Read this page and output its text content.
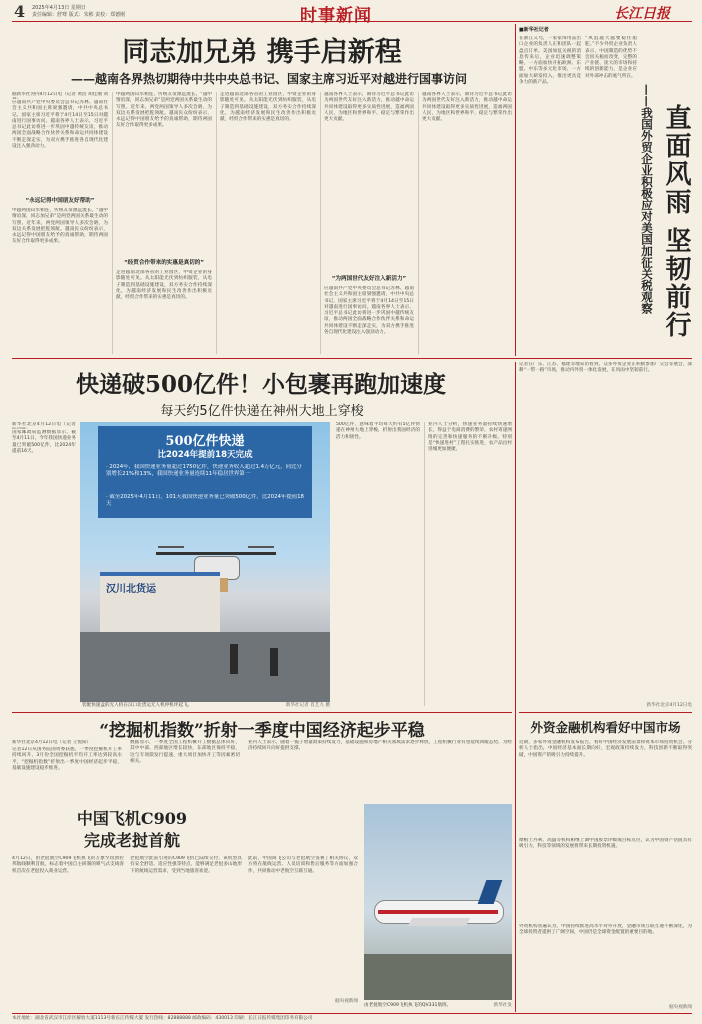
4 2025年4月13日 星期日
责任编辑：舒骞 版式：朱彬 责校：郑德刚	时事新闻	长江日报
同志加兄弟 携手启新程
——越南各界热切期待中共中央总书记、国家主席习近平对越进行国事访问
据新华社河内4月12日电（记者 黄浩 胡佳丽 刘
应越南共产党中央委员会总书记苏林、越南社会主义共和国主席梁强邀请，中共中央总书记、国家主席习近平将于4月14日至15日对越南进行国事访问。越南各界人士表示，习近平总书记此访将进一步巩固中越传统友谊，推动两国全面战略合作伙伴关系和命运共同体建设不断走深走实，为双方携手推进各自现代化建设注入强劲动力。
“永远记得中国朋友好帮助”
中越两国山水相连，传统友谊源远流长。“越中情谊深，同志加兄弟”是两党两国关系最生动的写照。近年来，两党两国领导人多次会晤，为双边关系发展把舵领航。越南民众纷纷表示，永远记得中国朋友给予的真诚帮助，期待两国友好合作取得更多成果。
中越两国山水相连，传统友谊源远流长。“越中情谊深，同志加兄弟”是两党两国关系最生动的写照。近年来，两党两国领导人多次会晤，为双边关系发展把舵领航。越南民众纷纷表示，永远记得中国朋友给予的真诚帮助，期待两国友好合作取得更多成果。
“经贸合作带来的实惠是真切的”
走进越南北部各省的工业园区，中资企业的身影随处可见。从太阳能光伏到纺织服装，从电子制造到基础设施建设，双方务实合作持续深化，为越南经济发展和民生改善作出积极贡献，经贸合作带来的实惠是真切的。
走进越南北部各省的工业园区，中资企业的身影随处可见。从太阳能光伏到纺织服装，从电子制造到基础设施建设，双方务实合作持续深化，为越南经济发展和民生改善作出积极贡献，经贸合作带来的实惠是真切的。
越南各界人士表示，期待习近平总书记此访为两国世代友好注入新活力，推动越中命运共同体建设取得更多实质性进展，造福两国人民，为地区和世界和平、稳定与繁荣作出更大贡献。
“为两国世代友好注入新活力”
应越南共产党中央委员会总书记苏林、越南社会主义共和国主席梁强邀请，中共中央总书记、国家主席习近平将于4月14日至15日对越南进行国事访问。越南各界人士表示，习近平总书记此访将进一步巩固中越传统友谊，推动两国全面战略合作伙伴关系和命运共同体建设不断走深走实，为双方携手推进各自现代化建设注入强劲动力。
越南各界人士表示，期待习近平总书记此访为两国世代友好注入新活力，推动越中命运共同体建设取得更多实质性进展，造福两国人民，为地区和世界和平、稳定与繁荣作出更大贡献。
■新华社记者
在浙江义乌，一家家饰用品出口企业的负责人正和团队一起盘点订单。美国加征关税的消息传来后，企业迅速调整策略，一方面加快开拓欧洲、东盟、中东等多元化市场，一方面加大研发投入，推出更具竞争力的新产品。
“风浪越大越要稳住船舵。”不少外贸企业负责人表示，中国制造的优势不会因关税而改变，完整的产业链、庞大的市场和持续的创新能力，是企业应对外部冲击的底气所在。
——我国外贸企业积极应对美国加征关税观察 直面风雨 坚韧前行
快递破500亿件！小包裹再跑加速度
每天约5亿件快递在神州大地上穿梭
新华社北京4月12日电（记者
国家邮政局监测数据显示，截至4月11日，今年我国快递业务量已突破500亿件，比2024年提前16天。
500亿件快递
比2024年提前18天完成
· 2024年，我国快递业务量超过1750亿件，快递业务收入超过1.4万亿元，同比分别增长21%和13%，我国快递业务量连续11年稳居世界第一
· 截至2025年4月11日，101天我国快递业务量已突破500亿件，比2024年提前18天
汉川北货运
装配快递盒的无人机在汉口北货运无人机停机坪起飞。	新华社记者 肖艺九 摄
500亿件，意味着平均每天约有5亿件快递在神州大地上穿梭，折射出我国经济的活力和韧性。
业内人士分析，快递业务量持续快速增长，得益于电商消费的繁荣、农村寄递网络的完善和快递服务的不断升级。特别是“快递进村”工程扎实推进，农产品出村进城更加便捷。
记者在广东、江苏、福建等地采访看到，众多外贸企业正积极参加广交会等展会，深耕“一带一路”市场，推动内外贸一体化发展，在风雨中坚韧前行。
新华社北京4月12日电
“挖掘机指数”折射一季度中国经济起步平稳
新华社北京4月12日电（记者 王悦阳）
记者12日从国务院国资委获悉，一季度挖掘机开工率持续回升，3月份全国挖掘机平均开工率达到较高水平，“挖掘机指数”折射出一季度中国经济起步平稳，基础设施建设稳步推进。
数据显示，一季度全国工程机械开工数据总体向好，其中中部、西部地区增长较快，东部地区保持平稳，这与专项债发行提速、重大项目加快开工等因素密切相关。
业内人士表示，随着一揽子增量政策持续发力，基础设施和房地产相关领域需求逐步释放，工程机械行业有望延续回暖态势，为经济持续回升向好提供支撑。
中国飞机C909
完成老挝首航
4月12日，由老挝航空C909飞机执飞的万象至琅勃拉邦航线顺利首航，标志着中国自主研制的喷气式支线客机首次在老挝投入商业运营。
老挝航空此前引进的C909飞机已陆续交付，该机型具有安全舒适、适应性强等特点，能够满足老挝多山地形下的航线运营需求，受到当地旅客欢迎。
此前，中国商飞公司与老挝航空签署了相关协议，双方将在航线运营、人员培训和售后服务等方面加强合作，共同推动中老航空互联互通。
据央视新闻
由老挝航空C909飞机执飞的QV331航班。	新华社发
外资金融机构看好中国市场
近期，多家外资金融机构发布报告，看好中国经济发展前景和资本市场投资机会。分析人士指出，中国经济基本面长期向好，宏观政策持续发力，科技创新不断取得突破，中国资产的吸引力持续提升。
摩根士丹利、高盛等机构相继上调中国股票评级或目标点位，认为中国资产估值具有吸引力，科技等领域的发展将带来长期投资机遇。
外资机构普遍认为，中国持续推进高水平对外开放，金融市场互联互通不断深化，为全球投资者提供了广阔空间，中国仍是全球资金配置的重要目的地。
据央视新闻
本社地址：湖北省武汉市江岸区解放大道1113号新长江传媒大厦 发行热线：82888888 邮政编码：430013 印刷：长江日报传媒集团印务有限公司
